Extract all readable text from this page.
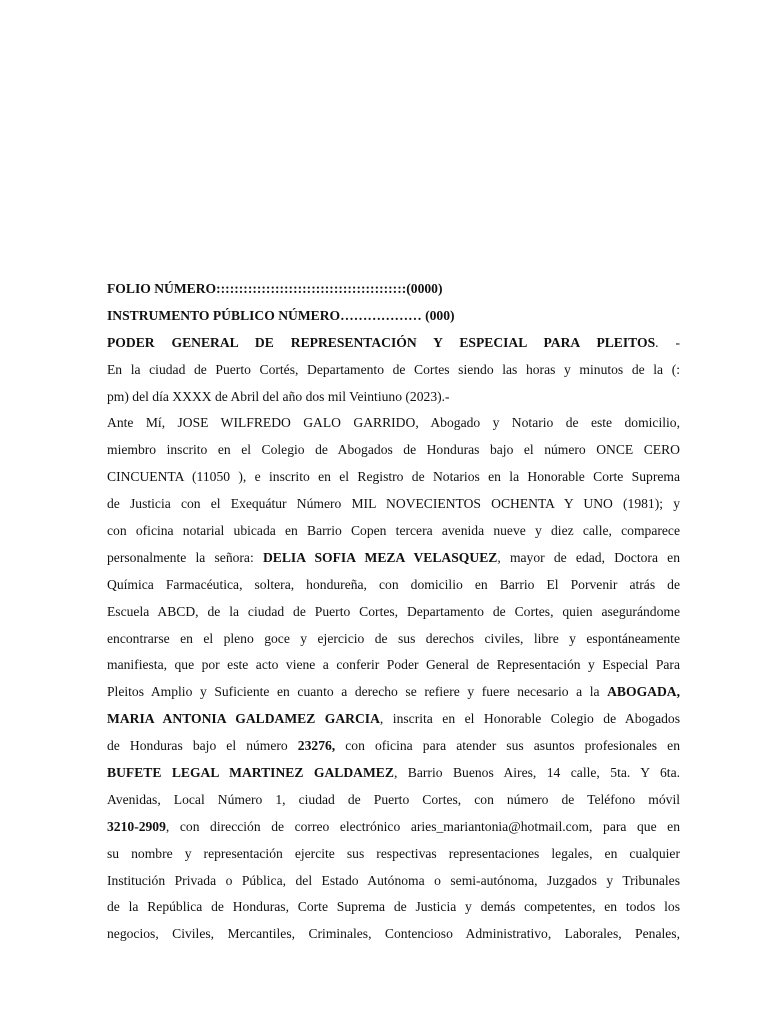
FOLIO NÚMERO::::::::::::::::::::::::::::::::::::::::::(0000)
INSTRUMENTO PÚBLICO NÚMERO……………… (000)
PODER GENERAL DE REPRESENTACIÓN Y ESPECIAL PARA PLEITOS. -
En la ciudad de Puerto Cortés, Departamento de Cortes siendo las horas y minutos de la (:
pm) del día XXXX de Abril del año dos mil Veintiuno (2023).-
Ante Mí, JOSE WILFREDO GALO GARRIDO, Abogado y Notario de este domicilio,
miembro inscrito en el Colegio de Abogados de Honduras bajo el número ONCE CERO
CINCUENTA (11050 ), e inscrito en el Registro de Notarios en la Honorable Corte Suprema
de Justicia con el Exequátur Número MIL NOVECIENTOS OCHENTA Y UNO (1981); y
con oficina notarial ubicada en Barrio Copen tercera avenida nueve y diez calle, comparece
personalmente la señora: DELIA SOFIA MEZA VELASQUEZ, mayor de edad, Doctora en
Química Farmacéutica, soltera, hondureña, con domicilio en Barrio El Porvenir atrás de
Escuela ABCD, de la ciudad de Puerto Cortes, Departamento de Cortes, quien asegurándome
encontrarse en el pleno goce y ejercicio de sus derechos civiles, libre y espontáneamente
manifiesta, que por este acto viene a conferir Poder General de Representación y Especial Para
Pleitos Amplio y Suficiente en cuanto a derecho se refiere y fuere necesario a la ABOGADA,
MARIA ANTONIA GALDAMEZ GARCIA, inscrita en el Honorable Colegio de Abogados
de Honduras bajo el número 23276, con oficina para atender sus asuntos profesionales en
BUFETE LEGAL MARTINEZ GALDAMEZ, Barrio Buenos Aires, 14 calle, 5ta. Y 6ta.
Avenidas, Local Número 1, ciudad de Puerto Cortes, con número de Teléfono móvil
3210-2909, con dirección de correo electrónico aries_mariantonia@hotmail.com, para que en
su nombre y representación ejercite sus respectivas representaciones legales, en cualquier
Institución Privada o Pública, del Estado Autónoma o semi-autónoma, Juzgados y Tribunales
de la República de Honduras, Corte Suprema de Justicia y demás competentes, en todos los
negocios, Civiles, Mercantiles, Criminales, Contencioso Administrativo, Laborales, Penales,
